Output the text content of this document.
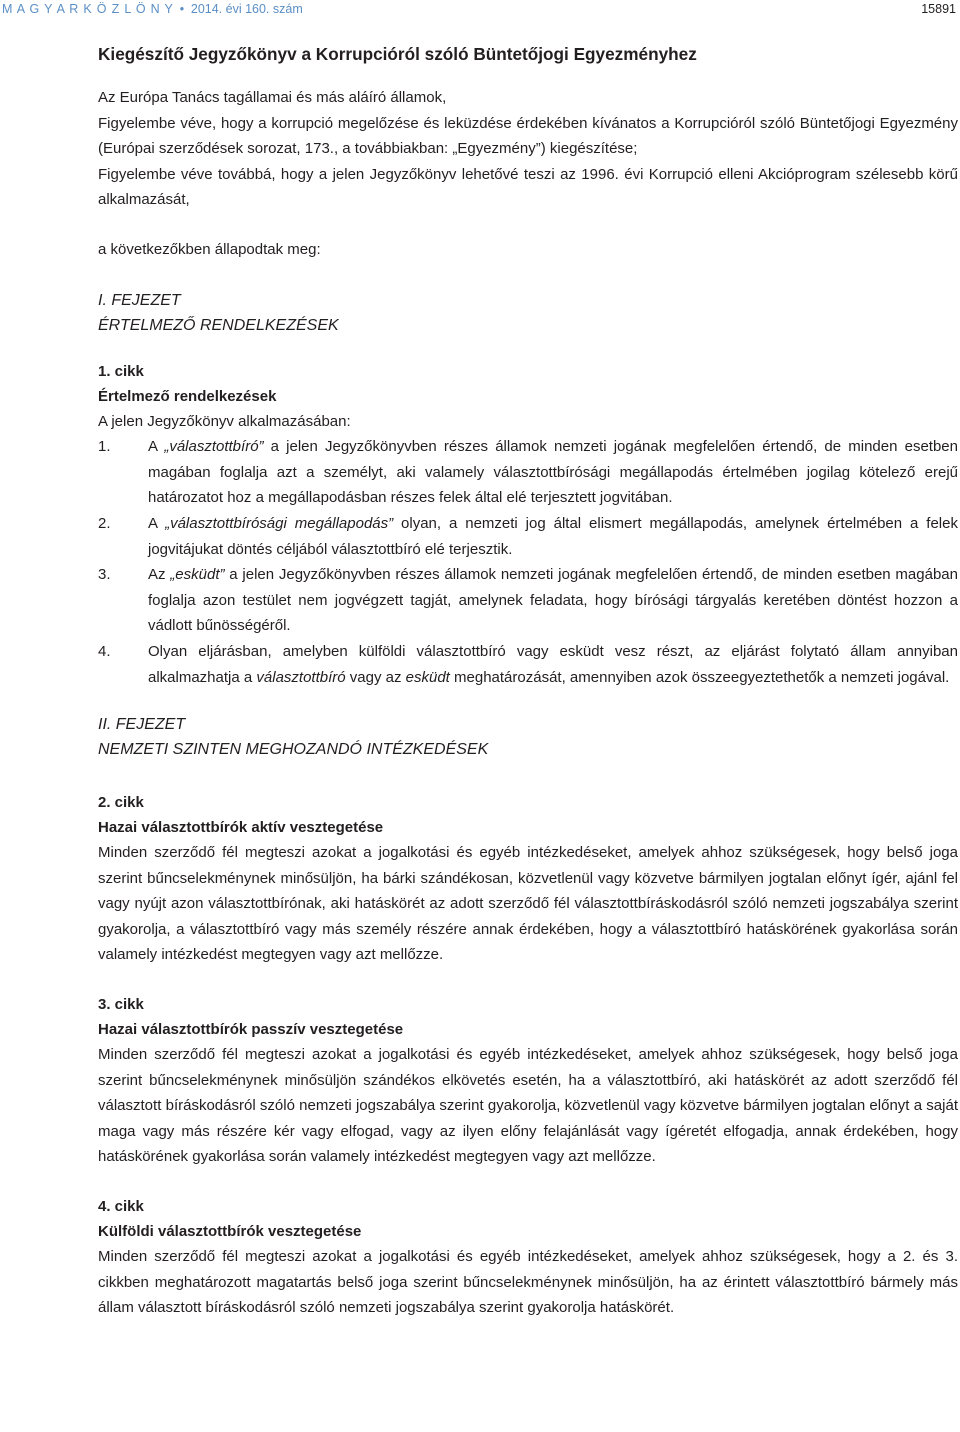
M A G Y A R K Ö Z L Ö N Y • 2014. évi 160. szám	15891

Kiegészítő Jegyzőkönyv a Korrupcióról szóló Büntetőjogi Egyezményhez

Az Európa Tanács tagállamai és más aláíró államok,

Figyelembe véve, hogy a korrupció megelőzése és leküzdése érdekében kívánatos a Korrupcióról szóló Büntetőjogi Egyezmény (Európai szerződések sorozat, 173., a továbbiakban: „Egyezmény”) kiegészítése;

Figyelembe véve továbbá, hogy a jelen Jegyzőkönyv lehetővé teszi az 1996. évi Korrupció elleni Akcióprogram szélesebb körű alkalmazását,

a következőkben állapodtak meg:

I. FEJEZET

ÉRTELMEZŐ RENDELKEZÉSEK

1. cikk

Értelmező rendelkezések

A jelen Jegyzőkönyv alkalmazásában:

1. A „választottbíró” a jelen Jegyzőkönyvben részes államok nemzeti jogának megfelelően értendő, de minden esetben magában foglalja azt a személyt, aki valamely választottbírósági megállapodás értelmében jogilag kötelező erejű határozatot hoz a megállapodásban részes felek által elé terjesztett jogvitában.
2. A „választottbírósági megállapodás” olyan, a nemzeti jog által elismert megállapodás, amelynek értelmében a felek jogvitájukat döntés céljából választottbíró elé terjesztik.
3. Az „esküdt” a jelen Jegyzőkönyvben részes államok nemzeti jogának megfelelően értendő, de minden esetben magában foglalja azon testület nem jogvégzett tagját, amelynek feladata, hogy bírósági tárgyalás keretében döntést hozzon a vádlott bűnösségéről.
4. Olyan eljárásban, amelyben külföldi választottbíró vagy esküdt vesz részt, az eljárást folytató állam annyiban alkalmazhatja a választottbíró vagy az esküdt meghatározását, amennyiben azok összeegyeztethetők a nemzeti jogával.

II. FEJEZET

NEMZETI SZINTEN MEGHOZANDÓ INTÉZKEDÉSEK

2. cikk

Hazai választottbírók aktív vesztegetése

Minden szerződő fél megteszi azokat a jogalkotási és egyéb intézkedéseket, amelyek ahhoz szükségesek, hogy belső joga szerint bűncselekménynek minősüljön, ha bárki szándékosan, közvetlenül vagy közvetve bármilyen jogtalan előnyt ígér, ajánl fel vagy nyújt azon választottbírónak, aki hatáskörét az adott szerződő fél választottbíráskodásról szóló nemzeti jogszabálya szerint gyakorolja, a választottbíró vagy más személy részére annak érdekében, hogy a választottbíró hatáskörének gyakorlása során valamely intézkedést megtegyen vagy azt mellőzze.

3. cikk

Hazai választottbírók passzív vesztegetése

Minden szerződő fél megteszi azokat a jogalkotási és egyéb intézkedéseket, amelyek ahhoz szükségesek, hogy belső joga szerint bűncselekménynek minősüljön szándékos elkövetés esetén, ha a választottbíró, aki hatáskörét az adott szerződő fél választott bíráskodásról szóló nemzeti jogszabálya szerint gyakorolja, közvetlenül vagy közvetve bármilyen jogtalan előnyt a saját maga vagy más részére kér vagy elfogad, vagy az ilyen előny felajánlását vagy ígéretét elfogadja, annak érdekében, hogy hatáskörének gyakorlása során valamely intézkedést megtegyen vagy azt mellőzze.

4. cikk

Külföldi választottbírók vesztegetése

Minden szerződő fél megteszi azokat a jogalkotási és egyéb intézkedéseket, amelyek ahhoz szükségesek, hogy a 2. és 3. cikkben meghatározott magatartás belső joga szerint bűncselekménynek minősüljön, ha az érintett választottbíró bármely más állam választott bíráskodásról szóló nemzeti jogszabálya szerint gyakorolja hatáskörét.
